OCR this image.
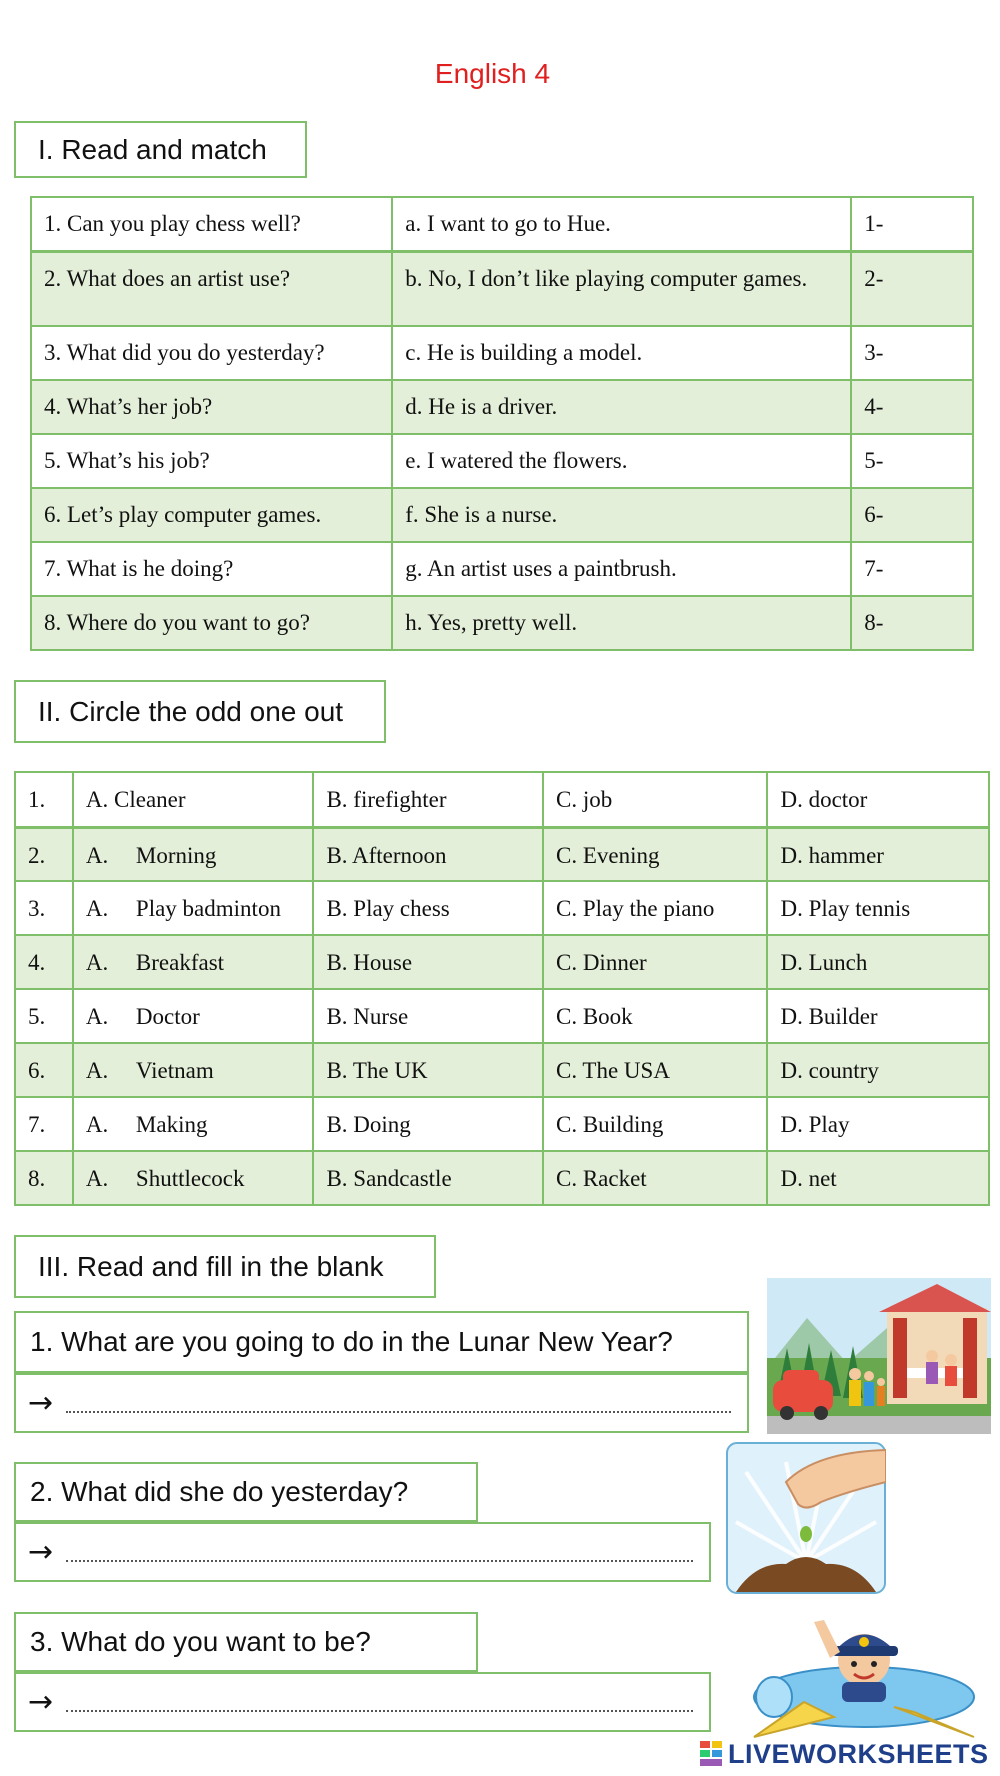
English 4
I. Read and match
1. Can you play chess well?	a. I want to go to Hue.	1-
2. What does an artist use?	b. No, I don’t like playing computer games.	2-
3. What did you do yesterday?	c. He is building a model.	3-
4. What’s her job?	d. He is a driver.	4-
5. What’s his job?	e. I watered the flowers.	5-
6. Let’s play computer games.	f. She is a nurse.	6-
7. What is he doing?	g. An artist uses a paintbrush.	7-
8. Where do you want to go?	h. Yes, pretty well.	8-
II. Circle the odd one out
1.	A. Cleaner	B. firefighter	C. job	D. doctor
2.	A. Morning	B. Afternoon	C. Evening	D. hammer
3.	A. Play badminton	B. Play chess	C. Play the piano	D. Play tennis
4.	A. Breakfast	B. House	C. Dinner	D. Lunch
5.	A. Doctor	B. Nurse	C. Book	D. Builder
6.	A. Vietnam	B. The UK	C. The USA	D. country
7.	A. Making	B. Doing	C. Building	D. Play
8.	A. Shuttlecock	B. Sandcastle	C. Racket	D. net
III. Read and fill in the blank
1. What are you going to do in the Lunar New Year?
→
2. What did she do yesterday?
→
3. What do you want to be?
→
LIVEWORKSHEETS
